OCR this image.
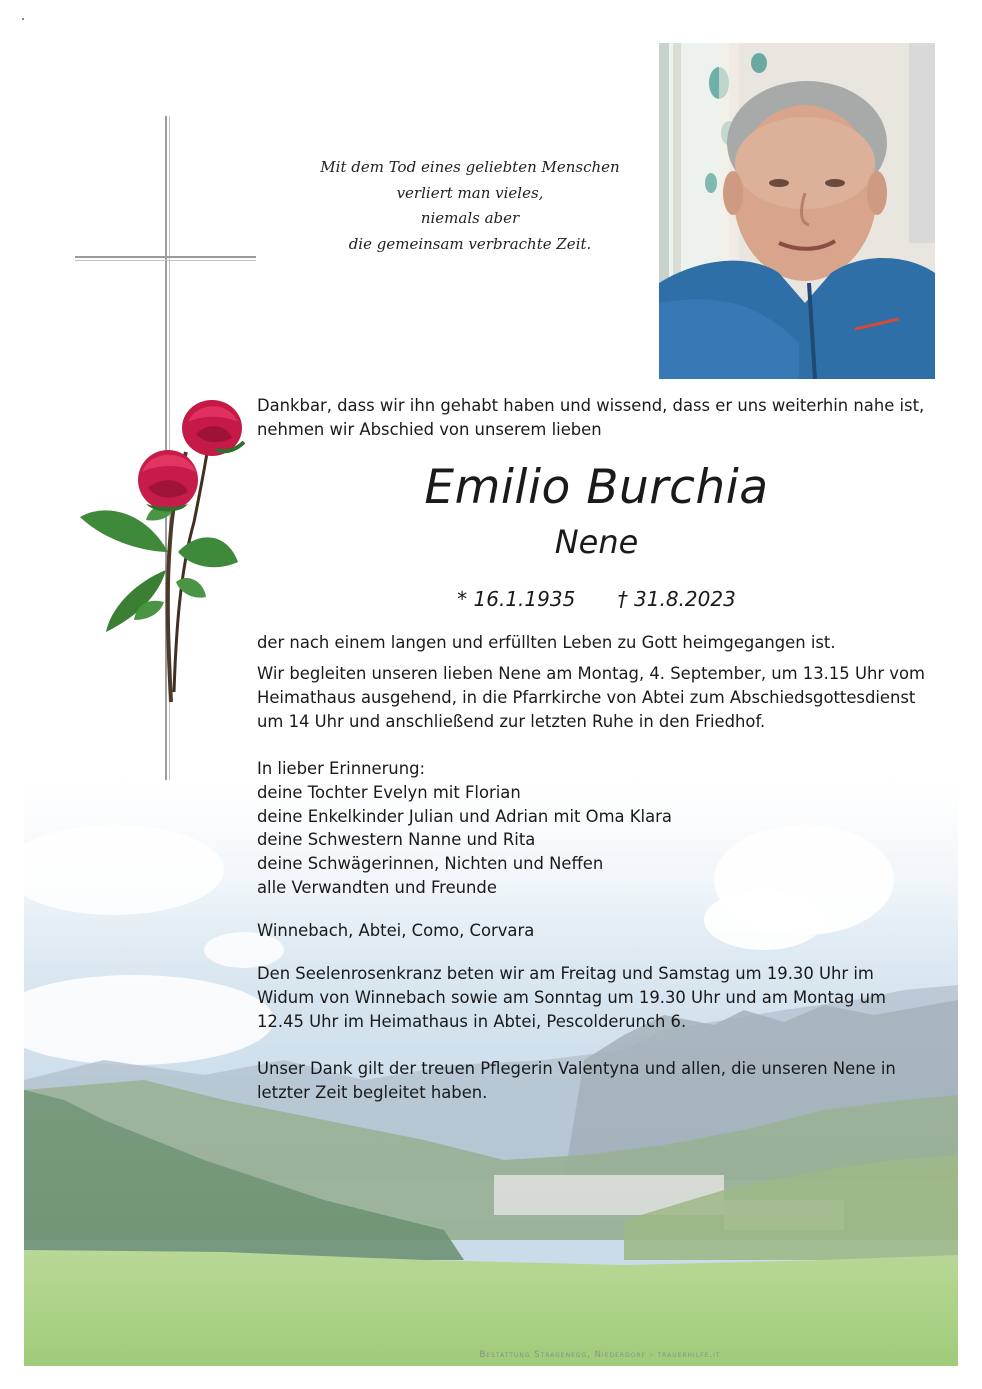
Mit dem Tod eines geliebten Menschen
verliert man vieles,
niemals aber
die gemeinsam verbrachte Zeit.
Dankbar, dass wir ihn gehabt haben und wissend, dass er uns weiterhin nahe ist,
nehmen wir Abschied von unserem lieben
Emilio Burchia
Nene
* 16.1.1935 † 31.8.2023
der nach einem langen und erfüllten Leben zu Gott heimgegangen ist.
Wir begleiten unseren lieben Nene am Montag, 4. September, um 13.15 Uhr vom
Heimathaus ausgehend, in die Pfarrkirche von Abtei zum Abschiedsgottesdienst
um 14 Uhr und anschließend zur letzten Ruhe in den Friedhof.
In lieber Erinnerung:
deine Tochter Evelyn mit Florian
deine Enkelkinder Julian und Adrian mit Oma Klara
deine Schwestern Nanne und Rita
deine Schwägerinnen, Nichten und Neffen
alle Verwandten und Freunde
Winnebach, Abtei, Como, Corvara
Den Seelenrosenkranz beten wir am Freitag und Samstag um 19.30 Uhr im
Widum von Winnebach sowie am Sonntag um 19.30 Uhr und am Montag um
12.45 Uhr im Heimathaus in Abtei, Pescolderunch 6.
Unser Dank gilt der treuen Pflegerin Valentyna und allen, die unseren Nene in
letzter Zeit begleitet haben.
Bestattung Stragenegg, Niederdorf - trauerhilfe.it
